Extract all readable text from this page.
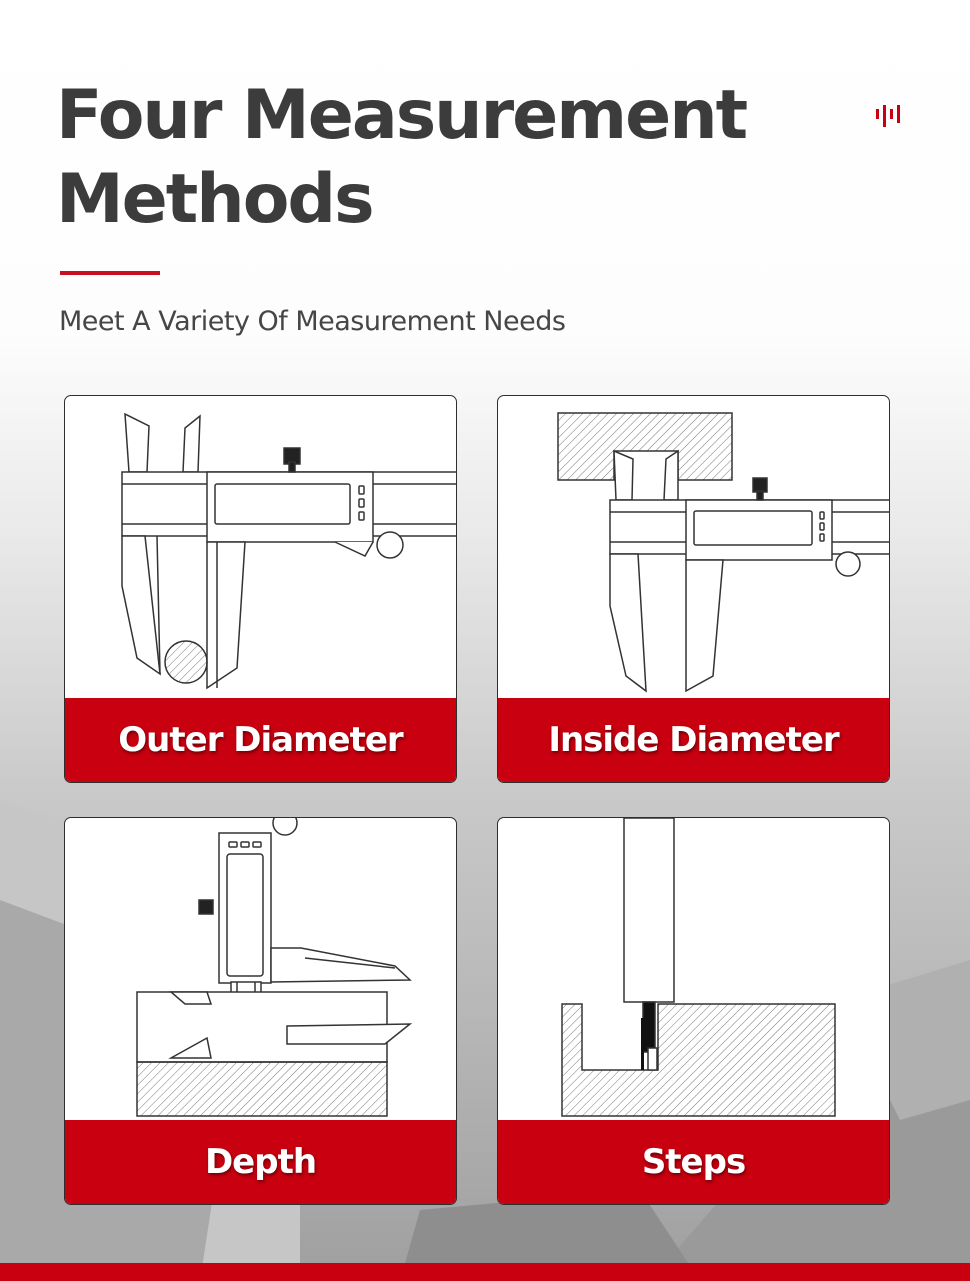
Four Measurement
Methods

Meet A Variety Of Measurement Needs

Outer Diameter	Inside Diameter
Depth	Steps
